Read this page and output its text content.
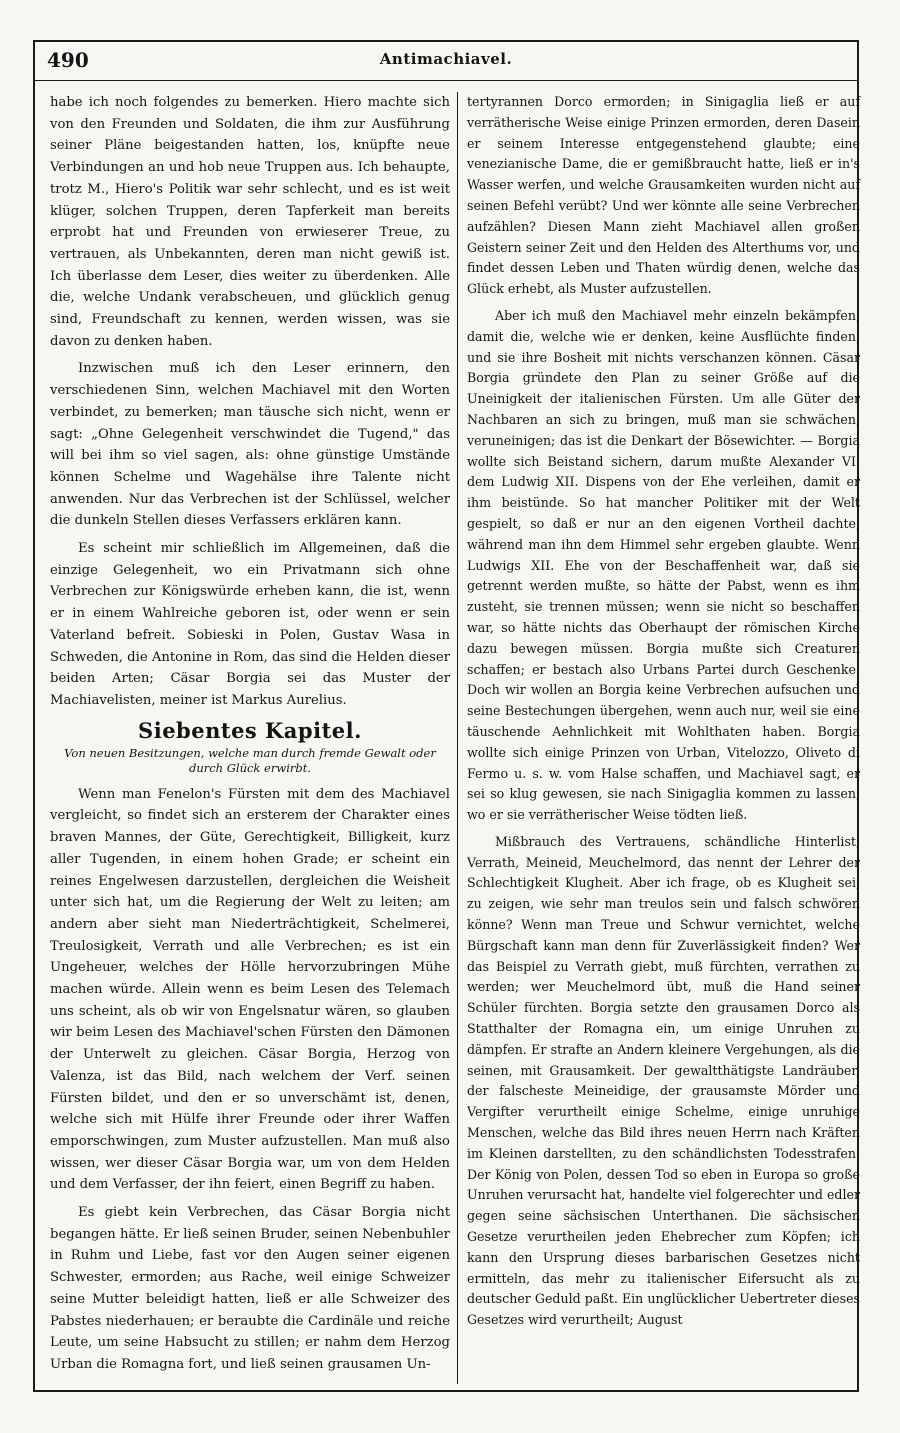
490	Antimachiavel.

habe ich noch folgendes zu bemerken. Hiero machte sich von den Freunden und Soldaten, die ihm zur Ausführung seiner Pläne beigestanden hatten, los, knüpfte neue Verbindungen an und hob neue Truppen aus. Ich behaupte, trotz M., Hiero's Politik war sehr schlecht, und es ist weit klüger, solchen Truppen, deren Tapferkeit man bereits erprobt hat und Freunden von erwieserer Treue, zu vertrauen, als Unbekannten, deren man nicht gewiß ist. Ich überlasse dem Leser, dies weiter zu überdenken. Alle die, welche Undank verabscheuen, und glücklich genug sind, Freundschaft zu kennen, werden wissen, was sie davon zu denken haben.

Inzwischen muß ich den Leser erinnern, den verschiedenen Sinn, welchen Machiavel mit den Worten verbindet, zu bemerken; man täusche sich nicht, wenn er sagt: „Ohne Gelegenheit verschwindet die Tugend," das will bei ihm so viel sagen, als: ohne günstige Umstände können Schelme und Wagehälse ihre Talente nicht anwenden. Nur das Verbrechen ist der Schlüssel, welcher die dunkeln Stellen dieses Verfassers erklären kann.

Es scheint mir schließlich im Allgemeinen, daß die einzige Gelegenheit, wo ein Privatmann sich ohne Verbrechen zur Königswürde erheben kann, die ist, wenn er in einem Wahlreiche geboren ist, oder wenn er sein Vaterland befreit. Sobieski in Polen, Gustav Wasa in Schweden, die Antonine in Rom, das sind die Helden dieser beiden Arten; Cäsar Borgia sei das Muster der Machiavelisten, meiner ist Markus Aurelius.

Siebentes Kapitel.
Von neuen Besitzungen, welche man durch fremde Gewalt oder durch Glück erwirbt.

Wenn man Fenelon's Fürsten mit dem des Machiavel vergleicht, so findet sich an ersterem der Charakter eines braven Mannes, der Güte, Gerechtigkeit, Billigkeit, kurz aller Tugenden, in einem hohen Grade; er scheint ein reines Engelwesen darzustellen, dergleichen die Weisheit unter sich hat, um die Regierung der Welt zu leiten; am andern aber sieht man Niederträchtigkeit, Schelmerei, Treulosigkeit, Verrath und alle Verbrechen; es ist ein Ungeheuer, welches der Hölle hervorzubringen Mühe machen würde. Allein wenn es beim Lesen des Telemach uns scheint, als ob wir von Engelsnatur wären, so glauben wir beim Lesen des Machiavel'schen Fürsten den Dämonen der Unterwelt zu gleichen. Cäsar Borgia, Herzog von Valenza, ist das Bild, nach welchem der Verf. seinen Fürsten bildet, und den er so unverschämt ist, denen, welche sich mit Hülfe ihrer Freunde oder ihrer Waffen emporschwingen, zum Muster aufzustellen. Man muß also wissen, wer dieser Cäsar Borgia war, um von dem Helden und dem Verfasser, der ihn feiert, einen Begriff zu haben.

Es giebt kein Verbrechen, das Cäsar Borgia nicht begangen hätte. Er ließ seinen Bruder, seinen Nebenbuhler in Ruhm und Liebe, fast vor den Augen seiner eigenen Schwester, ermorden; aus Rache, weil einige Schweizer seine Mutter beleidigt hatten, ließ er alle Schweizer des Pabstes niederhauen; er beraubte die Cardinäle und reiche Leute, um seine Habsucht zu stillen; er nahm dem Herzog Urban die Romagna fort, und ließ seinen grausamen Un-

tertyrannen Dorco ermorden; in Sinigaglia ließ er auf verrätherische Weise einige Prinzen ermorden, deren Dasein er seinem Interesse entgegenstehend glaubte; eine venezianische Dame, die er gemißbraucht hatte, ließ er in's Wasser werfen, und welche Grausamkeiten wurden nicht auf seinen Befehl verübt? Und wer könnte alle seine Verbrechen aufzählen? Diesen Mann zieht Machiavel allen großen Geistern seiner Zeit und den Helden des Alterthums vor, und findet dessen Leben und Thaten würdig denen, welche das Glück erhebt, als Muster aufzustellen.

Aber ich muß den Machiavel mehr einzeln bekämpfen, damit die, welche wie er denken, keine Ausflüchte finden, und sie ihre Bosheit mit nichts verschanzen können. Cäsar Borgia gründete den Plan zu seiner Größe auf die Uneinigkeit der italienischen Fürsten. Um alle Güter der Nachbaren an sich zu bringen, muß man sie schwächen, veruneinigen; das ist die Denkart der Bösewichter. — Borgia wollte sich Beistand sichern, darum mußte Alexander VI. dem Ludwig XII. Dispens von der Ehe verleihen, damit er ihm beistünde. So hat mancher Politiker mit der Welt gespielt, so daß er nur an den eigenen Vortheil dachte, während man ihn dem Himmel sehr ergeben glaubte. Wenn Ludwigs XII. Ehe von der Beschaffenheit war, daß sie getrennt werden mußte, so hätte der Pabst, wenn es ihm zusteht, sie trennen müssen; wenn sie nicht so beschaffen war, so hätte nichts das Oberhaupt der römischen Kirche dazu bewegen müssen. Borgia mußte sich Creaturen schaffen; er bestach also Urbans Partei durch Geschenke. Doch wir wollen an Borgia keine Verbrechen aufsuchen und seine Bestechungen übergehen, wenn auch nur, weil sie eine täuschende Aehnlichkeit mit Wohlthaten haben. Borgia wollte sich einige Prinzen von Urban, Vitelozzo, Oliveto di Fermo u. s. w. vom Halse schaffen, und Machiavel sagt, er sei so klug gewesen, sie nach Sinigaglia kommen zu lassen, wo er sie verrätherischer Weise tödten ließ.

Mißbrauch des Vertrauens, schändliche Hinterlist, Verrath, Meineid, Meuchelmord, das nennt der Lehrer der Schlechtigkeit Klugheit. Aber ich frage, ob es Klugheit sei, zu zeigen, wie sehr man treulos sein und falsch schwören könne? Wenn man Treue und Schwur vernichtet, welche Bürgschaft kann man denn für Zuverlässigkeit finden? Wer das Beispiel zu Verrath giebt, muß fürchten, verrathen zu werden; wer Meuchelmord übt, muß die Hand seiner Schüler fürchten. Borgia setzte den grausamen Dorco als Statthalter der Romagna ein, um einige Unruhen zu dämpfen. Er strafte an Andern kleinere Vergehungen, als die seinen, mit Grausamkeit. Der gewaltthätigste Landräuber, der falscheste Meineidige, der grausamste Mörder und Vergifter verurtheilt einige Schelme, einige unruhige Menschen, welche das Bild ihres neuen Herrn nach Kräften im Kleinen darstellten, zu den schändlichsten Todesstrafen. Der König von Polen, dessen Tod so eben in Europa so große Unruhen verursacht hat, handelte viel folgerechter und edler gegen seine sächsischen Unterthanen. Die sächsischen Gesetze verurtheilen jeden Ehebrecher zum Köpfen; ich kann den Ursprung dieses barbarischen Gesetzes nicht ermitteln, das mehr zu italienischer Eifersucht als zu deutscher Geduld paßt. Ein unglücklicher Uebertreter dieses Gesetzes wird verurtheilt; August
